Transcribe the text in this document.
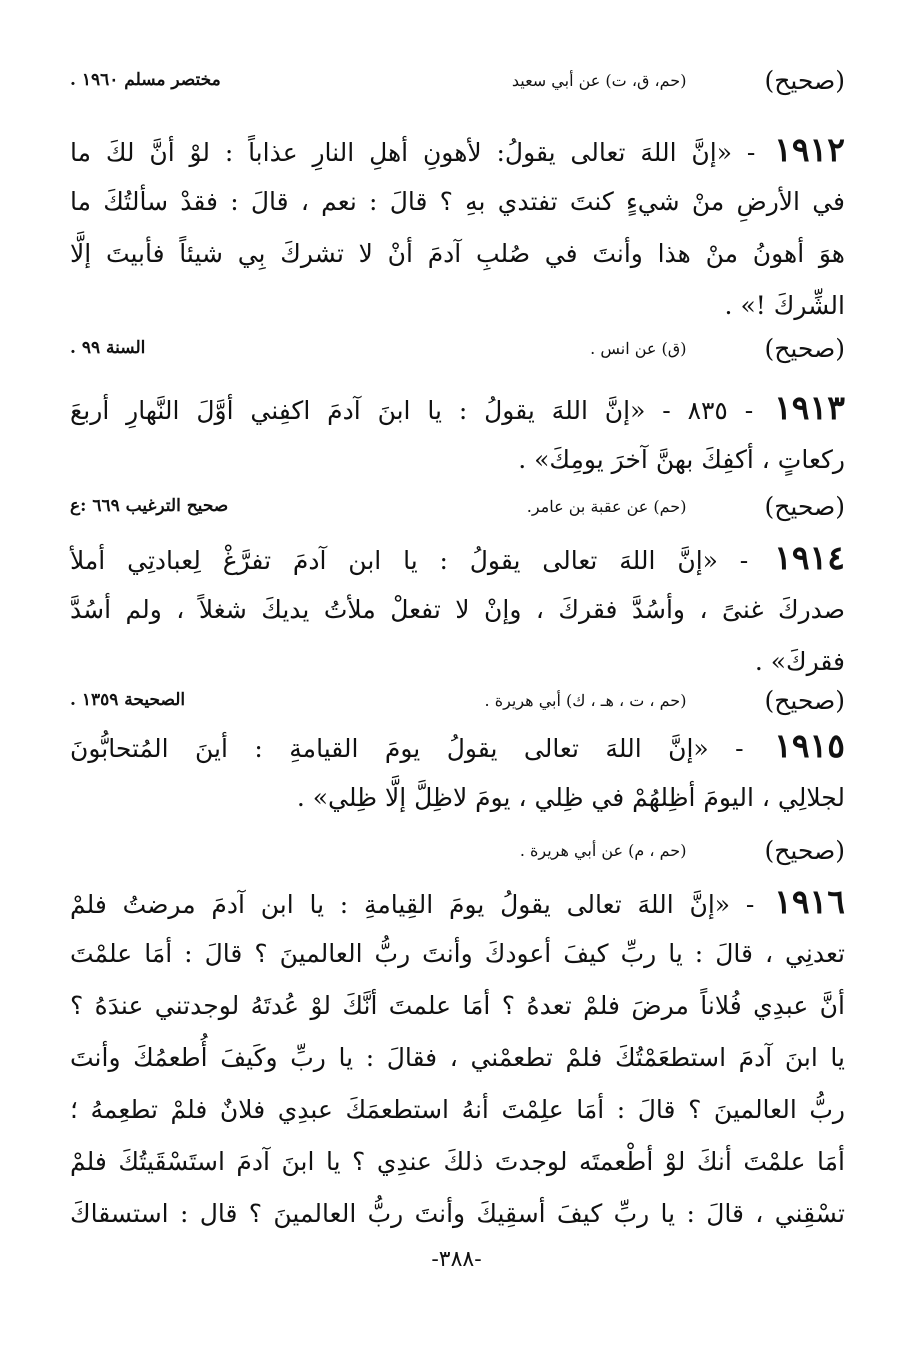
(صحيح)
(حم، ق، ت) عن أبي سعيد
مختصر مسلم ١٩٦٠ .
١٩١٢ - «إنَّ اللهَ تعالى يقولُ: لأهونِ أهلِ النارِ عذاباً : لوْ أنَّ لكَ ما
في الأرضِ منْ شيءٍ كنتَ تفتدي بهِ ؟ قالَ : نعم ، قالَ : فقدْ سألتُكَ ما
هوَ أهونُ منْ هذا وأنتَ في صُلبِ آدمَ أنْ لا تشركَ بِي شيئاً فأبيتَ إلَّا
الشِّركَ !» .
(صحيح)
(ق) عن انس .
السنة ٩٩ .
١٩١٣ - ٨٣٥ - «إنَّ اللهَ يقولُ : يا ابنَ آدمَ اكفِني أوَّلَ النَّهارِ أربعَ
ركعاتٍ ، أكفِكَ بهنَّ آخرَ يومِكَ» .
(صحيح)
(حم) عن عقبة بن عامر.
صحيح الترغيب ٦٦٩ :ع
١٩١٤ - «إنَّ اللهَ تعالى يقولُ : يا ابن آدمَ تفرَّغْ لِعبادتِي أملأ
صدركَ غنىً ، وأسُدَّ فقركَ ، وإنْ لا تفعلْ ملأتُ يديكَ شغلاً ، ولم أسُدَّ
فقركَ» .
(صحيح)
(حم ، ت ، هـ ، ك) أبي هريرة .
الصحيحة ١٣٥٩ .
١٩١٥ - «إنَّ اللهَ تعالى يقولُ يومَ القيامةِ : أينَ المُتحابُّونَ
لجلالِي ، اليومَ أظِلهُمْ في ظِلي ، يومَ لاظِلَّ إلَّا ظِلي» .
(صحيح)
(حم ، م) عن أبي هريرة .
١٩١٦ - «إنَّ اللهَ تعالى يقولُ يومَ القِيامةِ : يا ابن آدمَ مرضتُ فلمْ
تعدنِي ، قالَ : يا ربِّ كيفَ أعودكَ وأنتَ ربُّ العالمينَ ؟ قالَ : أمَا علمْتَ
أنَّ عبدِي فُلاناً مرضَ فلمْ تعدهُ ؟ أمَا علمتَ أنَّكَ لوْ عُدتَهُ لوجدتني عندَهُ ؟
يا ابنَ آدمَ استطعَمْتُكَ فلمْ تطعمْني ، فقالَ : يا ربِّ وكَيفَ أُطعمُكَ وأنتَ
ربُّ العالمينَ ؟ قالَ : أمَا علِمْتَ أنهُ استطعمَكَ عبدِي فلانٌ فلمْ تطعِمهُ ؛
أمَا علمْتَ أنكَ لوْ أطْعمتَه لوجدتَ ذلكَ عندِي ؟ يا ابنَ آدمَ استَسْقَيتُكَ فلمْ
تسْقِني ، قالَ : يا ربِّ كيفَ أسقِيكَ وأنتَ ربُّ العالمينَ ؟ قال : استسقاكَ
-٣٨٨-
